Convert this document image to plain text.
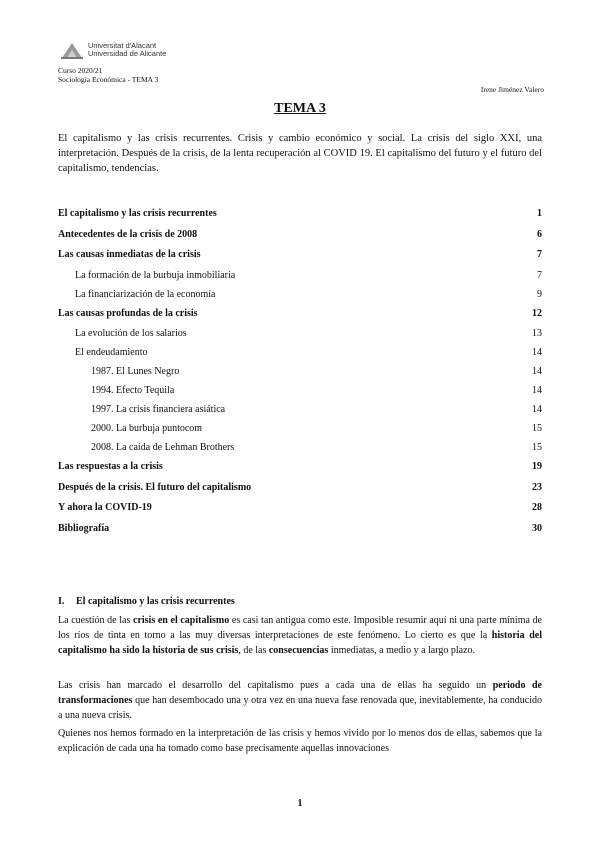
Universitat d'Alacant
Universidad de Alicante
Curso 2020/21
Sociología Económica - TEMA 3
Irene Jiménez Valero
TEMA 3

El capitalismo y las crisis recurrentes. Crisis y cambio económico y social. La crisis del siglo XXI, una interpretación. Después de la crisis, de la lenta recuperación al COVID 19. El capitalismo del futuro y el futuro del capitalismo, tendencias.

El capitalismo y las crisis recurrentes	1
Antecedentes de la crisis de 2008	6
Las causas inmediatas de la crisis	7
La formación de la burbuja inmobiliaria	7
La financiarización de la economía	9
Las causas profundas de la crisis	12
La evolución de los salarios	13
El endeudamiento	14
1987. El Lunes Negro	14
1994. Efecto Tequila	14
1997. La crisis financiera asiática	14
2000. La burbuja puntocom	15
2008. La caída de Lehman Brothers	15
Las respuestas a la crisis	19
Después de la crisis. El futuro del capitalismo	23
Y ahora la COVID-19	28
Bibliografía	30
I. El capitalismo y las crisis recurrentes

La cuestión de las crisis en el capitalismo es casi tan antigua como este. Imposible resumir aquí ni una parte mínima de los ríos de tinta en torno a las muy diversas interpretaciones de este fenómeno. Lo cierto es que la historia del capitalismo ha sido la historia de sus crisis, de las consecuencias inmediatas, a medio y a largo plazo.

Las crisis han marcado el desarrollo del capitalismo pues a cada una de ellas ha seguido un periodo de transformaciones que han desembocado una y otra vez en una nueva fase renovada que, inevitablemente, ha conducido a una nueva crisis.

Quienes nos hemos formado en la interpretación de las crisis y hemos vivido por lo menos dos de ellas, sabemos que la explicación de cada una ha tomado como base precisamente aquellas innovaciones

1
